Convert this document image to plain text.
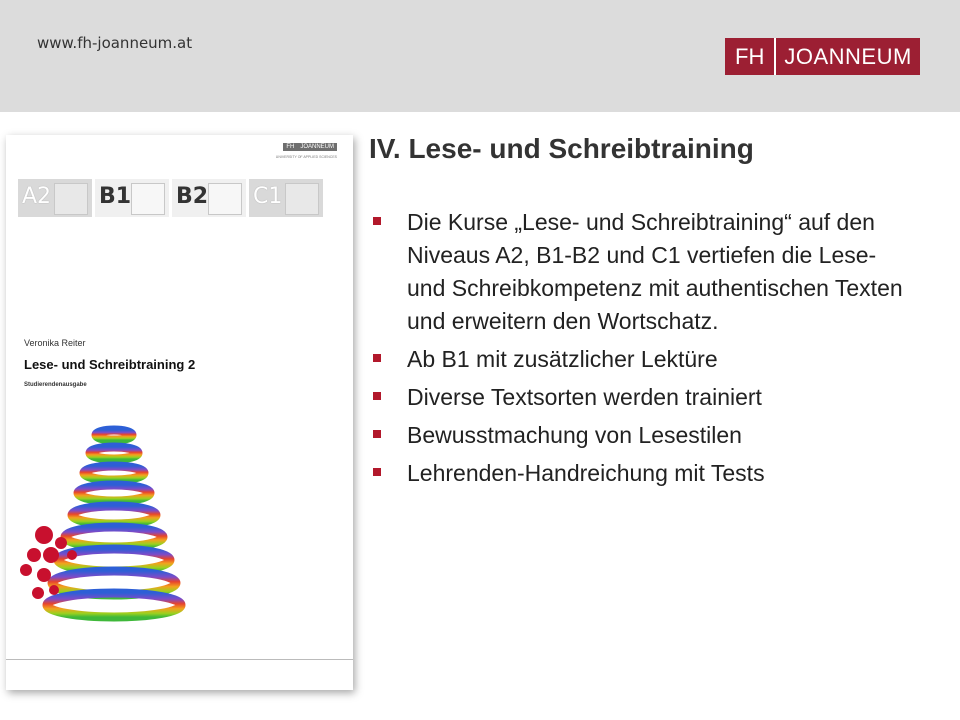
www.fh-joanneum.at
FH JOANNEUM
FH	JOANNEUM
UNIVERSITY OF APPLIED SCIENCES
A2 B1 B2 C1
Veronika Reiter
Lese- und Schreibtraining 2
Studierendenausgabe
IV. Lese- und Schreibtraining
Die Kurse „Lese- und Schreibtraining“ auf den Niveaus A2, B1-B2 und C1 vertiefen die Lese- und Schreibkompetenz mit authentischen Texten und erweitern den Wortschatz.
Ab B1 mit zusätzlicher Lektüre
Diverse Textsorten werden trainiert
Bewusstmachung von Lesestilen
Lehrenden-Handreichung mit Tests
